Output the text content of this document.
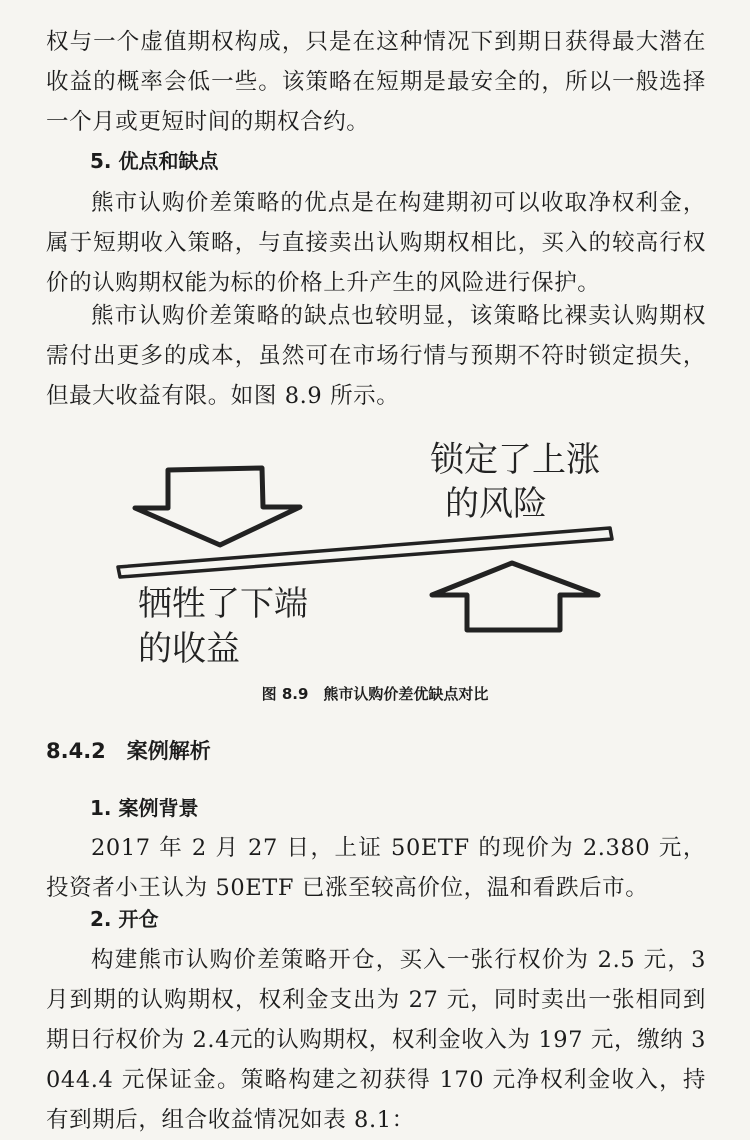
权与一个虚值期权构成，只是在这种情况下到期日获得最大潜在收益的概率会低一些。该策略在短期是最安全的，所以一般选择一个月或更短时间的期权合约。

5. 优点和缺点

熊市认购价差策略的优点是在构建期初可以收取净权利金，属于短期收入策略，与直接卖出认购期权相比，买入的较高行权价的认购期权能为标的价格上升产生的风险进行保护。

熊市认购价差策略的缺点也较明显，该策略比裸卖认购期权需付出更多的成本，虽然可在市场行情与预期不符时锁定损失，但最大收益有限。如图 8.9 所示。

锁定了上涨
的风险
牺牲了下端
的收益

图 8.9　熊市认购价差优缺点对比

8.4.2　案例解析
1. 案例背景

2017 年 2 月 27 日，上证 50ETF 的现价为 2.380 元，投资者小王认为 50ETF 已涨至较高价位，温和看跌后市。

2. 开仓

构建熊市认购价差策略开仓，买入一张行权价为 2.5 元，3 月到期的认购期权，权利金支出为 27 元，同时卖出一张相同到期日行权价为 2.4元的认购期权，权利金收入为 197 元，缴纳 3 044.4 元保证金。策略构建之初获得 170 元净权利金收入，持有到期后，组合收益情况如表 8.1：
